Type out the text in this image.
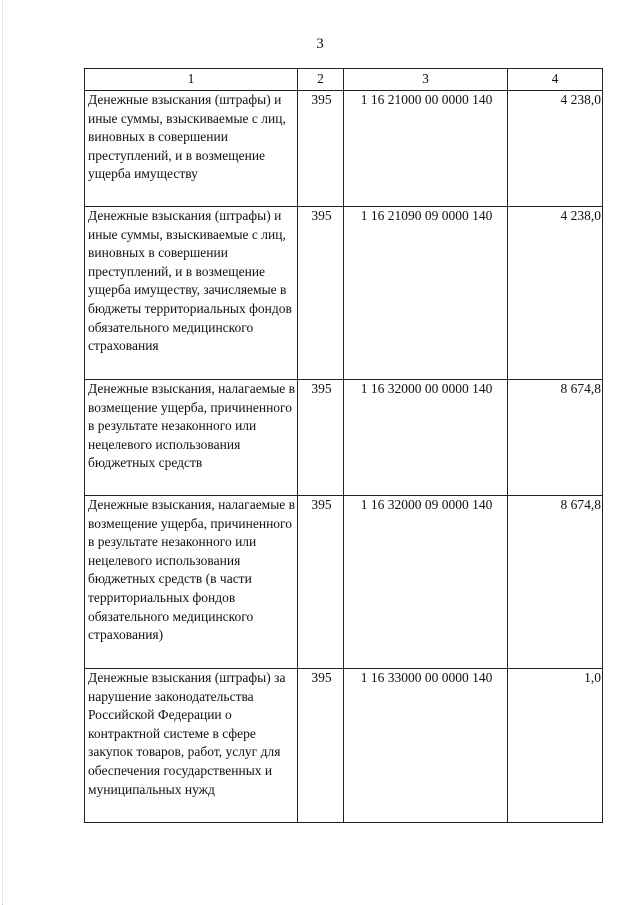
3
1	2	3	4
Денежные взыскания (штрафы) и иные суммы, взыскиваемые с лиц, виновных в совершении преступлений, и в возмещение ущерба имуществу	395	1 16 21000 00 0000 140	4 238,0
Денежные взыскания (штрафы) и иные суммы, взыскиваемые с лиц, виновных в совершении преступлений, и в возмещение ущерба имуществу, зачисляемые в бюджеты территориальных фондов обязательного медицинского страхования	395	1 16 21090 09 0000 140	4 238,0
Денежные взыскания, налагаемые в возмещение ущерба, причиненного в результате незаконного или нецелевого использования бюджетных средств	395	1 16 32000 00 0000 140	8 674,8
Денежные взыскания, налагаемые в возмещение ущерба, причиненного в результате незаконного или нецелевого использования бюджетных средств (в части территориальных фондов обязательного медицинского страхования)	395	1 16 32000 09 0000 140	8 674,8
Денежные взыскания (штрафы) за нарушение законодательства Российской Федерации о контрактной системе в сфере закупок товаров, работ, услуг для обеспечения государственных и муниципальных нужд	395	1 16 33000 00 0000 140	1,0
